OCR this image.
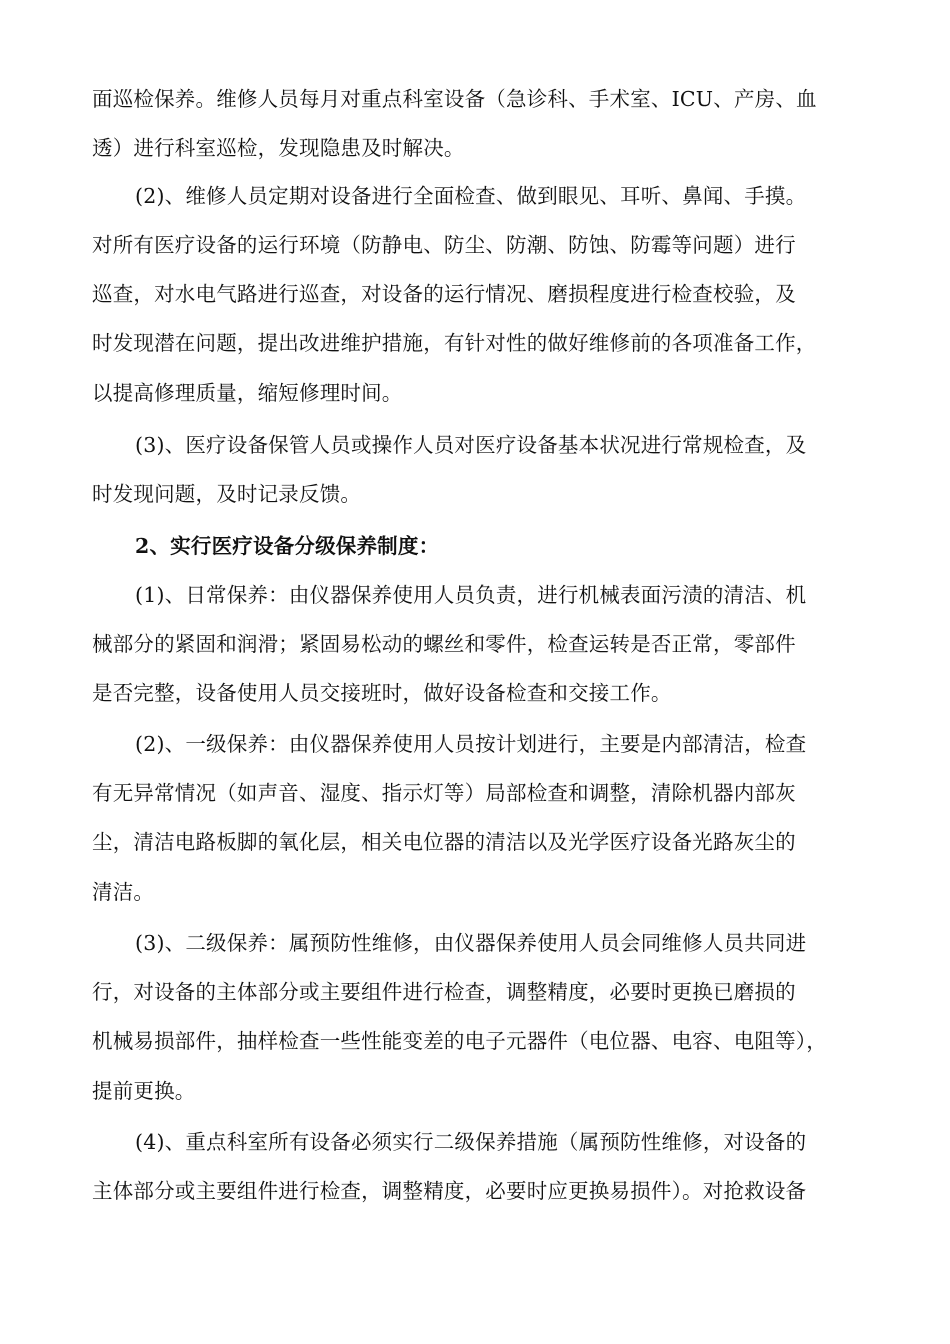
面巡检保养。维修人员每月对重点科室设备（急诊科、手术室、ICU、产房、血
透）进行科室巡检，发现隐患及时解决。
(2)、维修人员定期对设备进行全面检查、做到眼见、耳听、鼻闻、手摸。
对所有医疗设备的运行环境（防静电、防尘、防潮、防蚀、防霉等问题）进行
巡查，对水电气路进行巡查，对设备的运行情况、磨损程度进行检查校验，及
时发现潜在问题，提出改进维护措施，有针对性的做好维修前的各项准备工作，
以提高修理质量，缩短修理时间。
(3)、医疗设备保管人员或操作人员对医疗设备基本状况进行常规检查，及
时发现问题，及时记录反馈。
2、实行医疗设备分级保养制度：
(1)、日常保养：由仪器保养使用人员负责，进行机械表面污渍的清洁、机
械部分的紧固和润滑；紧固易松动的螺丝和零件，检查运转是否正常，零部件
是否完整，设备使用人员交接班时，做好设备检查和交接工作。
(2)、一级保养：由仪器保养使用人员按计划进行，主要是内部清洁，检查
有无异常情况（如声音、湿度、指示灯等）局部检查和调整，清除机器内部灰
尘，清洁电路板脚的氧化层，相关电位器的清洁以及光学医疗设备光路灰尘的
清洁。
(3)、二级保养：属预防性维修，由仪器保养使用人员会同维修人员共同进
行，对设备的主体部分或主要组件进行检查，调整精度，必要时更换已磨损的
机械易损部件，抽样检查一些性能变差的电子元器件（电位器、电容、电阻等），
提前更换。
(4)、重点科室所有设备必须实行二级保养措施（属预防性维修，对设备的
主体部分或主要组件进行检查，调整精度，必要时应更换易损件）。对抢救设备
